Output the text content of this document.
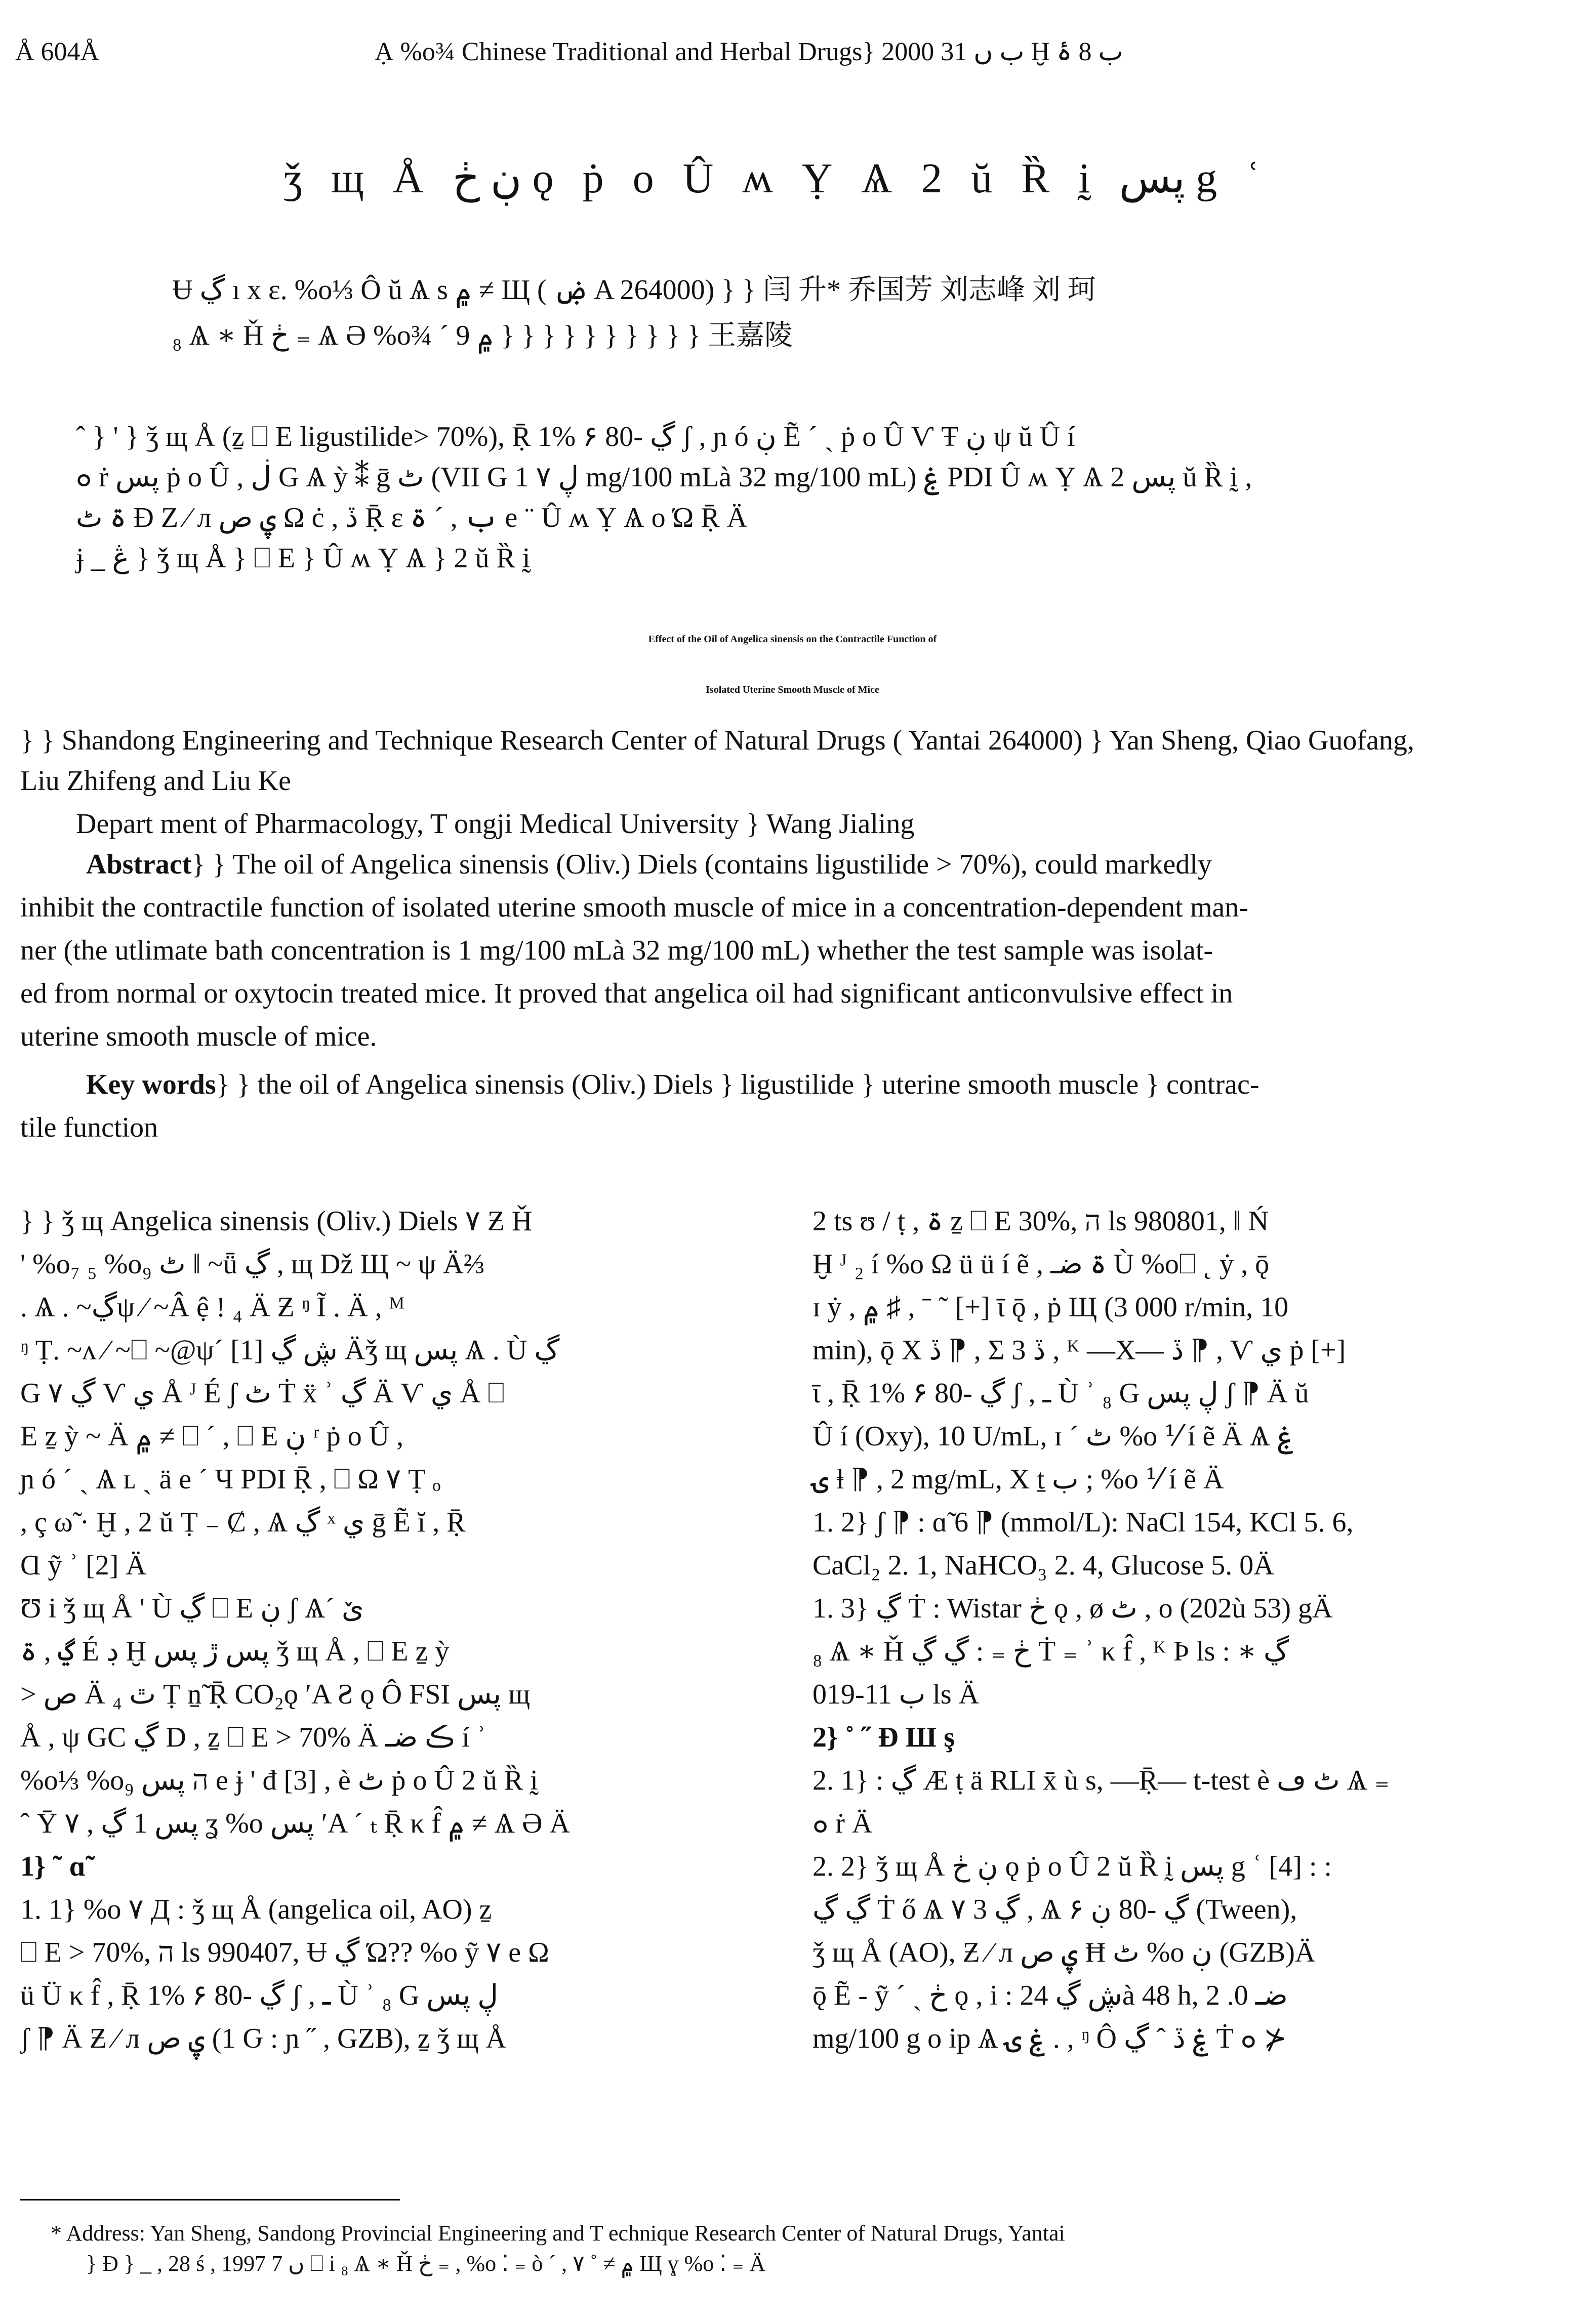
Å 604Å	Ạ %o¾ Chinese Traditional and Herbal Drugs} 2000 ب ں 31 Ḫ ب 8 ۂ
ǯ щ Å ڹ ڂ ǫ ṗ o Û ʍ Ỵ Ѧ 2 ŭ Ȑ ḭ پس g ʿ
Ʉ ڲ ı x ε. %o⅓ Ô ŭ Ѧ s ۾ ≠ Щ ( ۻ A 264000) } } 闫 升* 乔国芳 刘志峰 刘 珂
₈ Ѧ ∗ Ȟ ڂ ₌ Ѧ Ә %o¾ ´ ۾ 9 } } } } } } } } } } 王嘉陵
ˆ } ' } ǯ щ Å (ẕ ⎕ E ligustilide> 70%), Ṝ 1% ۶ ڲ -80 ʃ , ɲ ó ڹ Ẽ ´ ˎ ṗ o Û Ѵ Ŧ ڹ ψ ŭ Û í
ܘ ṙ پس ṗ o Û , ڶ G Ѧ ỳ ⁑ ḡ ٹ (VII G ڸ ۷ 1 mg/100 mLà 32 mg/100 mL) ۼ PDI Û ʍ Ỵ Ѧ پس 2 ŭ Ȑ ḭ ,
ۃ ٹ Ɖ Z ⁄ л ۑ ص Ω ċ , ڏ Ṝ ε ب , ˊ ۃ e ¨ Û ʍ Ỵ Ѧ o Ώ Ṝ Ä
ɉ _ ڠ } ǯ щ Å } ⎕ E } Û ʍ Ỵ Ѧ } 2 ŭ Ȑ ḭ
Effect of the Oil of Angelica sinensis on the Contractile Function of
Isolated Uterine Smooth Muscle of Mice
} } Shandong Engineering and Technique Research Center of Natural Drugs ( Yantai 264000) } Yan Sheng, Qiao Guofang,
Liu Zhifeng and Liu Ke
Depart ment of Pharmacology, T ongji Medical University } Wang Jialing
Abstract} } The oil of Angelica sinensis (Oliv.) Diels (contains ligustilide > 70%), could markedly
inhibit the contractile function of isolated uterine smooth muscle of mice in a concentration-dependent man-
ner (the utlimate bath concentration is 1 mg/100 mLà 32 mg/100 mL) whether the test sample was isolat-
ed from normal or oxytocin treated mice. It proved that angelica oil had significant anticonvulsive effect in
uterine smooth muscle of mice.
Key words} } the oil of Angelica sinensis (Oliv.) Diels } ligustilide } uterine smooth muscle } contrac-
tile function
} } ǯ щ Angelica sinensis (Oliv.) Diels ۷ Ƶ Ȟ
' %o₇ ₅ %o₉ ٹ ‖ ~ǖ ڲ , щ Dž Щ ~ ψ Ä⅔
. Ѧ . ~ڲψ ⁄ ~Â ệ ! ₄ Ä Ƶ ᵑ Ĩ . Ä , ᴹ
ᵑ Ṭ. ~ᴧ ⁄ ~⎕ ~@ψ´ ڜ ڲ [1] Äǯ щ پس Ѧ . Ù ڲ
G ۷ ڲ Ѵ ي Å ᴶ É ʃ ٹ Ṫ ẍ ʾ ڲ Ä Ѵ ي Å ⎕
E ẕ ỳ ~ Ä ۾ ≠ ⎕ ´ , ⎕ E ڹ ʳ ṗ o Û ,
ɲ ó ´ ˎ Ѧ ʟ ˎ ä e ´ Ч PDI Ṝ , ⎕ Ω ۷ Ṭ ₒ
, ç ω̃ · Ḫ , 2 ŭ Ṭ ₋ Ȼ , Ѧ ڲ ˣ ي ḡ Ẽ ĭ , Ṝ
Ɑ ỹ ʾ [2] Ä
Ʊ i ǯ щ Å ' Ù ڲ ⎕ E ڹ ʃ Ѧ´ ێ
ڲ , ۃ É ڊ Ḫ پس ڙ پس ǯ щ Å , ⎕ E ẕ ỳ
> ص Ä ₄ ٿ Ṭ ṉ̃ Ṝ CO₂ǫ ʹA Ƨ ǫ Ô FSI پس щ
Å , ψ GC ڲ D , ẕ ⎕ E > 70% Ä ڪ ضـ í ʾ
%o⅓ %o₉ ה پس e ɉ ' đ [3] , è ٹ ṗ o Û 2 ŭ Ȑ ḭ
ˆ Ȳ پس 1 ڲ , ۷ ʓ %o پس ʹA ´ ₜ Ṝ κ f̂ ۾ ≠ Ѧ Ә Ä
1} ˜ ɑ̃
1. 1} %o ۷ Д : ǯ щ Å (angelica oil, AO) ẕ
⎕ E > 70%, ה ls 990407, Ʉ ڲ Ώ?? %o ỹ ۷ e Ω
ü Ü κ f̂ , Ṝ 1% ۶ ڲ -80 ʃ , ـ Ù ʾ ₈ G ڸ پس
ʃ ⁋ Ä Ƶ ⁄ л ۑ ص (1 Ԍ : ɲ ˝ , GZB), ẕ ǯ щ Å
2 ts ʊ / ṭ , ۃ ẕ ⎕ E 30%, ה ls 980801, ‖ Ń
Ḫ ᴶ ₂ í %o Ω ü ü í ẽ , ۃ ضـ Ù %o⎕ ˛ ẏ , ǭ
ɪ ẏ , ۾ ♯ , ˉ ˜ [+] ῑ ǭ , ṗ Щ (3 000 r/min, 10
min), ǭ Χ ڏ ⁋ , Σ 3 ڏ , ᴷ —Χ— ڏ ⁋ , Ѵ ي ṗ [+]
ῑ , Ṝ 1% ۶ ڲ -80 ʃ , ـ Ù ʾ ₈ G ڸ پس ʃ ⁋ Ä ŭ
Û í (Oxy), 10 U/mL, ɪ ´ ٹ %o ⅟ í ẽ Ä Ѧ ۼ
ۍ ⱡ ⁋ , 2 mg/mL, Χ ṯ ب ; %o ⅟ í ẽ Ä
1. 2} ʃ ⁋ : ɑ̃ 6 ⁋ (mmol/L): NaCl 154, KCl 5. 6,
CaCl₂ 2. 1, NaHCO₃ 2. 4, Glucose 5. 0Ä
1. 3} ڲ Ṫ : Wistar ڂ ǫ , ø ٹ , o (202ù 53) gÄ
₈ Ѧ ∗ Ȟ ڂ ₌ : ڲ ڲ Ṫ ₌ ʾ κ f̂ , ᴷ Þ ls : ∗ ڲ
ب 11-019 ls Ä
2} ˚ ˝ Ɖ Ш ş
2. 1} : ڲ Æ ṭ ä RLI x̄ ù s, —Ṝ— t-test è ٹ ڡ Ѧ ₌
ܘ ṙ Ä
2. 2} ǯ щ Å ڹ ڂ ǫ ṗ o Û 2 ŭ Ȑ ḭ پس g ʿ [4] : :
ڲ ڲ Ṫ ő Ѧ ۷ ڲ 3 , Ѧ ۶ ڲ -80 ڹ (Tween),
ǯ щ Å (AO), Ƶ ⁄ л ۑ ص Ħ ٹ %o ڹ (GZB)Ä
ǭ Ẽ - ỹ ´ ˎ ڂ ǫ , i : ڜ ڲ 24à 48 h, ضـ 0. 2
mg/100 g o ip Ѧ ۼ ۍ . , ᵑ Ô ۼ ڏ ˆ ڲ Ṫ ܘ ⊁
* Address: Yan Sheng, Sandong Provincial Engineering and T echnique Research Center of Natural Drugs, Yantai
} Ɖ } _ , 28 ś , 1997 ں 7 ⎕ i ₈ Ѧ ∗ Ȟ ڂ ₌ , %o ⁚ ₌ ò ´ , ۾ ≠ ˚ ۷ Щ ɣ %o ⁚ ₌ Ä
